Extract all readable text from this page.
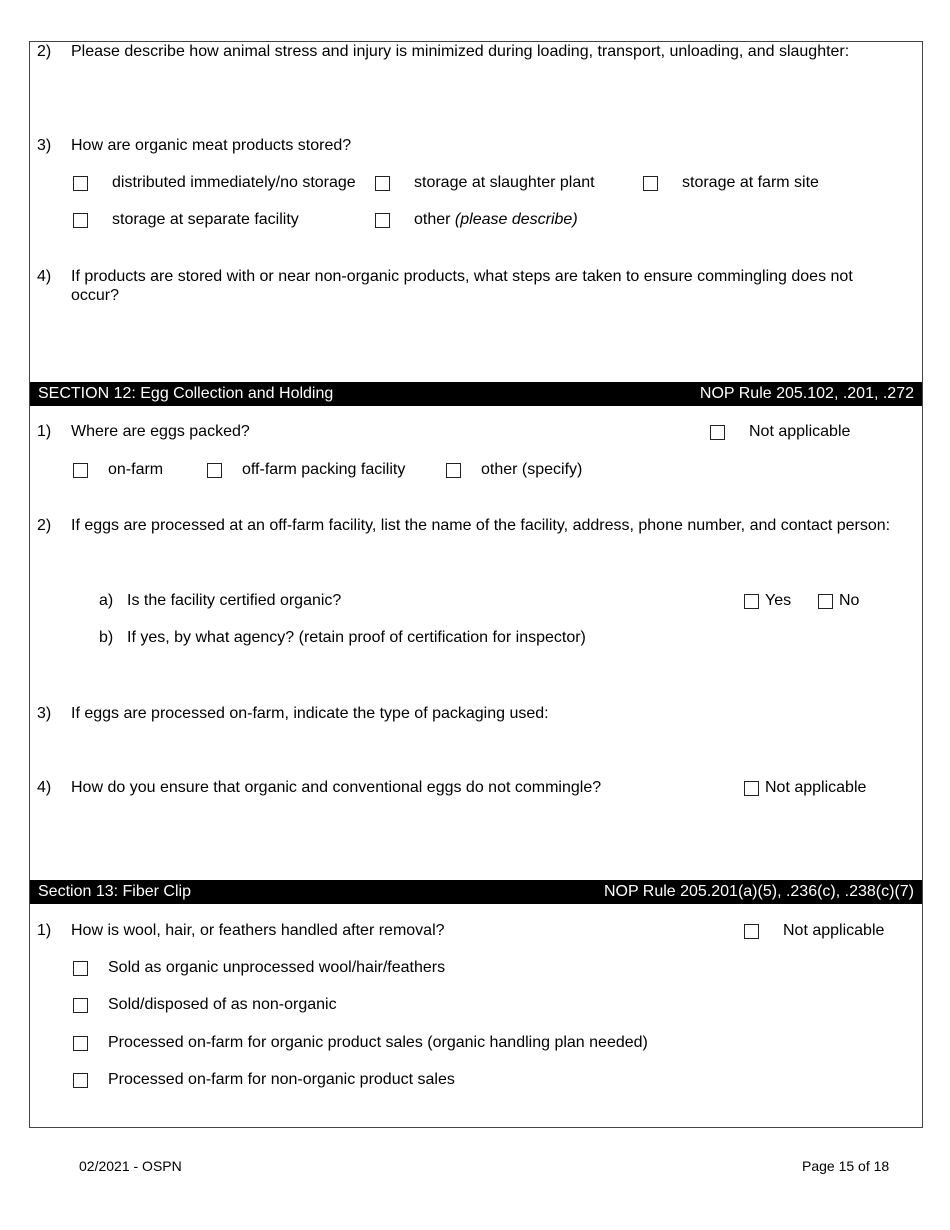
2) Please describe how animal stress and injury is minimized during loading, transport, unloading, and slaughter:
3) How are organic meat products stored?
distributed immediately/no storage	storage at slaughter plant	storage at farm site
storage at separate facility	other (please describe)
4) If products are stored with or near non-organic products, what steps are taken to ensure commingling does not occur?
SECTION 12: Egg Collection and Holding	NOP Rule 205.102, .201, .272
1) Where are eggs packed?	Not applicable
on-farm	off-farm packing facility	other (specify)
2) If eggs are processed at an off-farm facility, list the name of the facility, address, phone number, and contact person:
a) Is the facility certified organic?	Yes	No
b) If yes, by what agency? (retain proof of certification for inspector)
3) If eggs are processed on-farm, indicate the type of packaging used:
4) How do you ensure that organic and conventional eggs do not commingle?	Not applicable
Section 13: Fiber Clip	NOP Rule 205.201(a)(5), .236(c), .238(c)(7)
1) How is wool, hair, or feathers handled after removal?	Not applicable
Sold as organic unprocessed wool/hair/feathers
Sold/disposed of as non-organic
Processed on-farm for organic product sales (organic handling plan needed)
Processed on-farm for non-organic product sales
02/2021 - OSPN	Page 15 of 18
